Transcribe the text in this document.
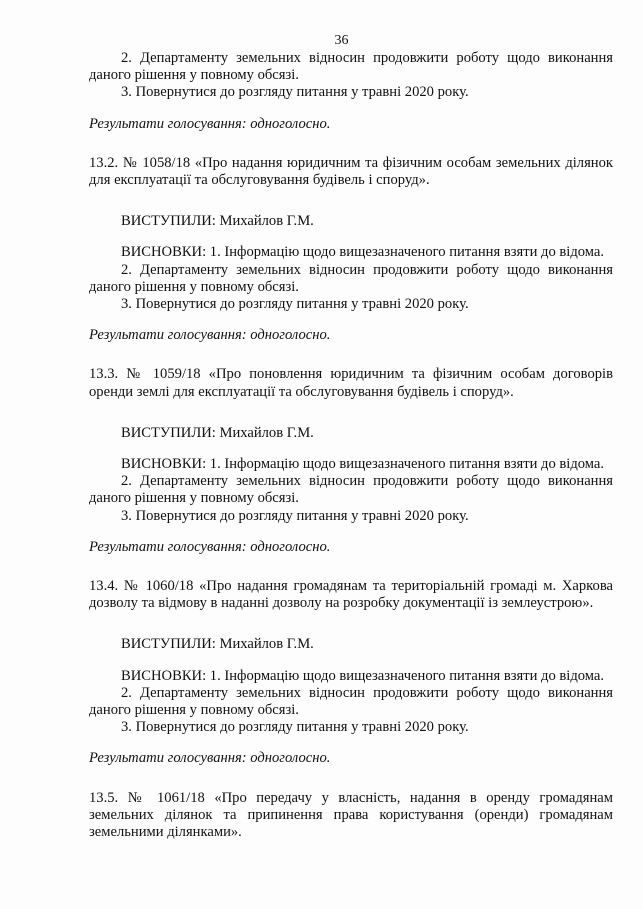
36

2. Департаменту земельних відносин продовжити роботу щодо виконання даного рішення у повному обсязі.

3. Повернутися до розгляду питання у травні 2020 року.

Результати голосування: одноголосно.

13.2. № 1058/18 «Про надання юридичним та фізичним особам земельних ділянок для експлуатації та обслуговування будівель і споруд».

ВИСТУПИЛИ: Михайлов Г.М.

ВИСНОВКИ: 1. Інформацію щодо вищезазначеного питання взяти до відома.

2. Департаменту земельних відносин продовжити роботу щодо виконання даного рішення у повному обсязі.

3. Повернутися до розгляду питання у травні 2020 року.

Результати голосування: одноголосно.

13.3. № 1059/18 «Про поновлення юридичним та фізичним особам договорів оренди землі для експлуатації та обслуговування будівель і споруд».

ВИСТУПИЛИ: Михайлов Г.М.

ВИСНОВКИ: 1. Інформацію щодо вищезазначеного питання взяти до відома.

2. Департаменту земельних відносин продовжити роботу щодо виконання даного рішення у повному обсязі.

3. Повернутися до розгляду питання у травні 2020 року.

Результати голосування: одноголосно.

13.4. № 1060/18 «Про надання громадянам та територіальній громаді м. Харкова дозволу та відмову в наданні дозволу на розробку документації із землеустрою».

ВИСТУПИЛИ: Михайлов Г.М.

ВИСНОВКИ: 1. Інформацію щодо вищезазначеного питання взяти до відома.

2. Департаменту земельних відносин продовжити роботу щодо виконання даного рішення у повному обсязі.

3. Повернутися до розгляду питання у травні 2020 року.

Результати голосування: одноголосно.

13.5. № 1061/18 «Про передачу у власність, надання в оренду громадянам земельних ділянок та припинення права користування (оренди) громадянам земельними ділянками».
